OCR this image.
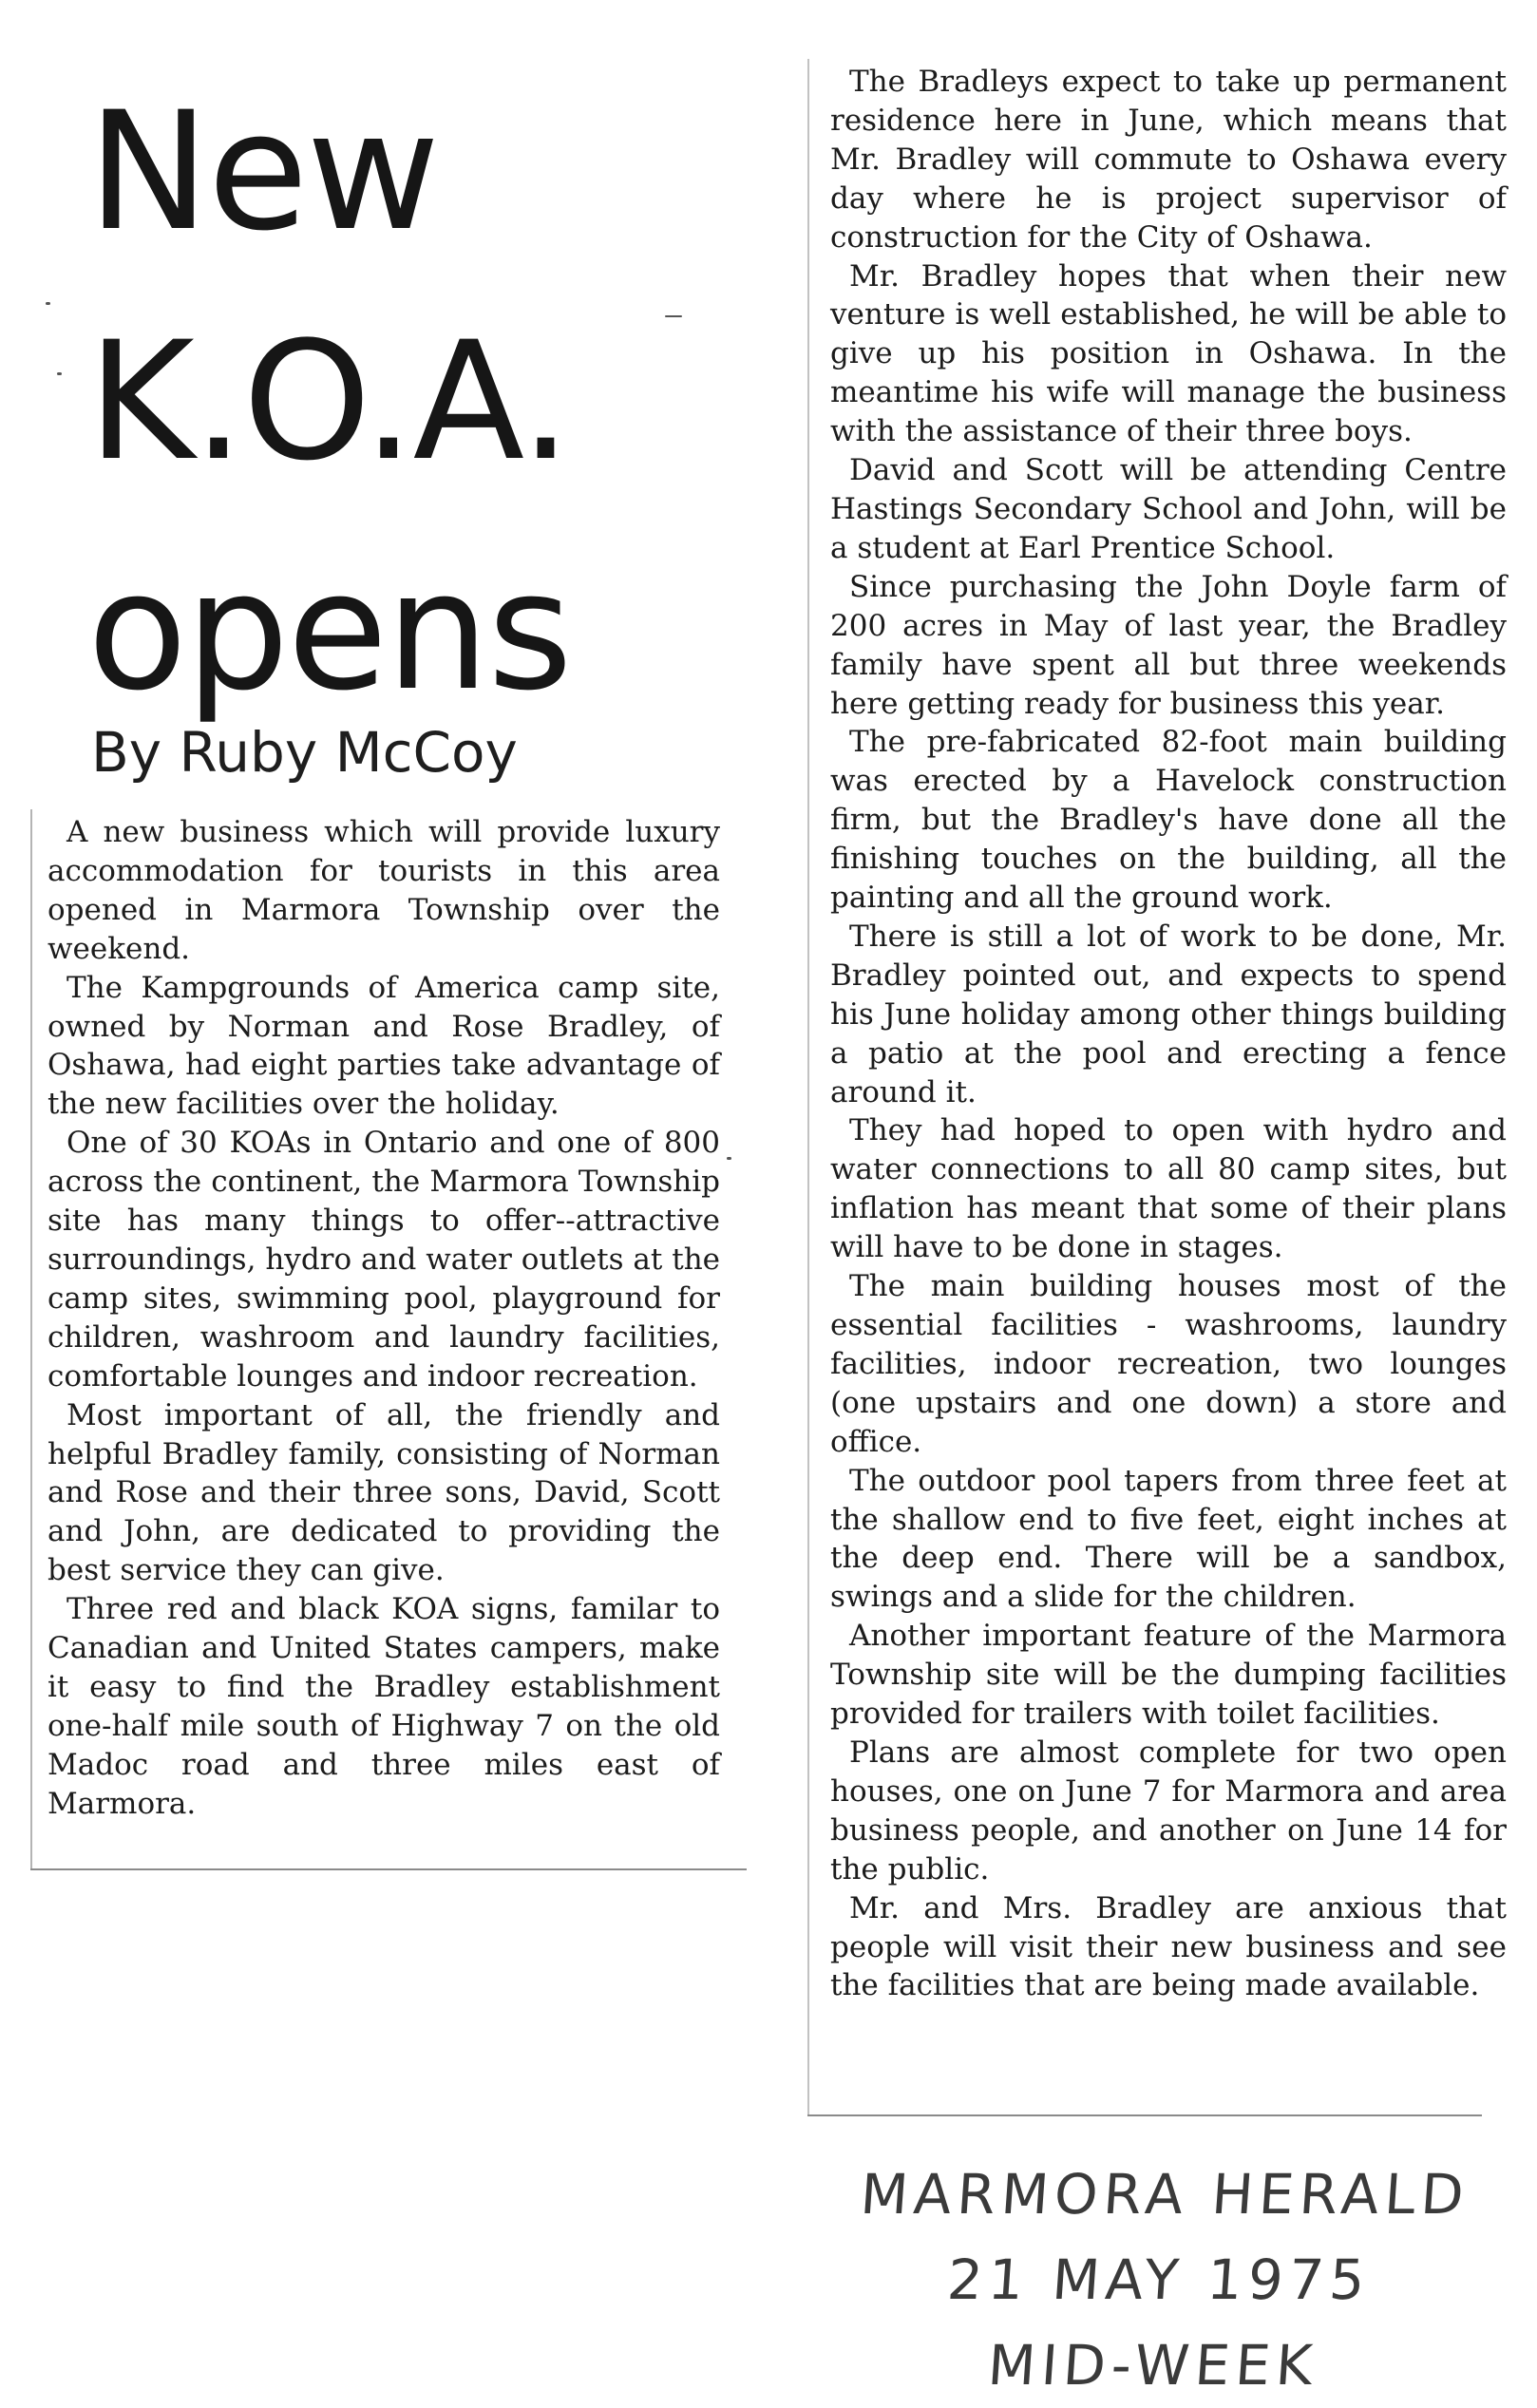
New
K.O.A.
opens
By Ruby McCoy

A new business which will provide luxury accommodation for tourists in this area opened in Marmora Township over the weekend.

The Kampgrounds of America camp site, owned by Norman and Rose Bradley, of Oshawa, had eight parties take advantage of the new facilities over the holiday.

One of 30 KOAs in Ontario and one of 800 across the continent, the Marmora Township site has many things to offer--attractive surroundings, hydro and water outlets at the camp sites, swimming pool, playground for children, washroom and laundry facilities, comfortable lounges and indoor recreation.

Most important of all, the friendly and helpful Bradley family, consisting of Norman and Rose and their three sons, David, Scott and John, are dedicated to providing the best service they can give.

Three red and black KOA signs, familar to Canadian and United States campers, make it easy to find the Bradley establishment one-half mile south of Highway 7 on the old Madoc road and three miles east of Marmora.

The Bradleys expect to take up permanent residence here in June, which means that Mr. Bradley will commute to Oshawa every day where he is project supervisor of construction for the City of Oshawa.

Mr. Bradley hopes that when their new venture is well established, he will be able to give up his position in Oshawa. In the meantime his wife will manage the business with the assistance of their three boys.

David and Scott will be attending Centre Hastings Secondary School and John, will be a student at Earl Prentice School.

Since purchasing the John Doyle farm of 200 acres in May of last year, the Bradley family have spent all but three weekends here getting ready for business this year.

The pre-fabricated 82-foot main building was erected by a Havelock construction firm, but the Bradley's have done all the finishing touches on the building, all the painting and all the ground work.

There is still a lot of work to be done, Mr. Bradley pointed out, and expects to spend his June holiday among other things building a patio at the pool and erecting a fence around it.

They had hoped to open with hydro and water connections to all 80 camp sites, but inflation has meant that some of their plans will have to be done in stages.

The main building houses most of the essential facilities - washrooms, laundry facilities, indoor recreation, two lounges (one upstairs and one down) a store and office.

The outdoor pool tapers from three feet at the shallow end to five feet, eight inches at the deep end. There will be a sandbox, swings and a slide for the children.

Another important feature of the Marmora Township site will be the dumping facilities provided for trailers with toilet facilities.

Plans are almost complete for two open houses, one on June 7 for Marmora and area business people, and another on June 14 for the public.

Mr. and Mrs. Bradley are anxious that people will visit their new business and see the facilities that are being made available.

MARMORA HERALD
21 MAY 1975
MID-WEEK
